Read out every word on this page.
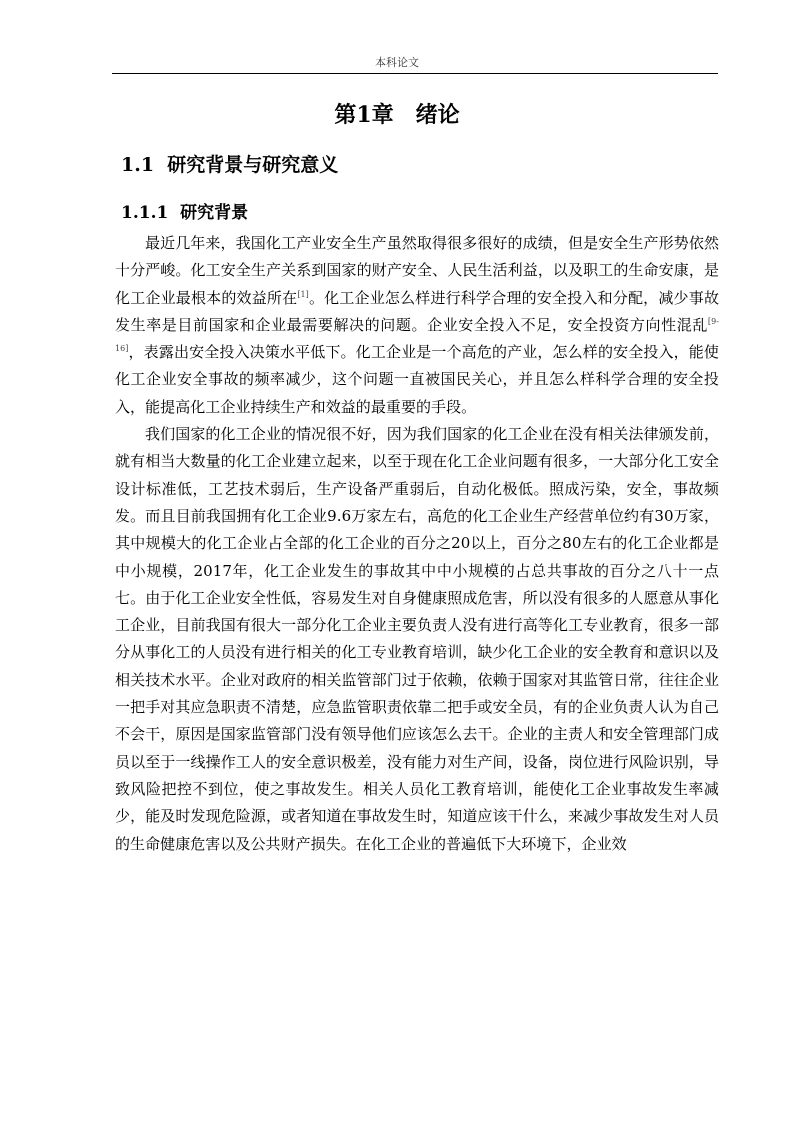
本科论文
第1章　绪论
1.1  研究背景与研究意义
1.1.1  研究背景

最近几年来，我国化工产业安全生产虽然取得很多很好的成绩，但是安全生产形势依然十分严峻。化工安全生产关系到国家的财产安全、人民生活利益，以及职工的生命安康，是化工企业最根本的效益所在[1]。化工企业怎么样进行科学合理的安全投入和分配，减少事故发生率是目前国家和企业最需要解决的问题。企业安全投入不足，安全投资方向性混乱[9-16]，表露出安全投入决策水平低下。化工企业是一个高危的产业，怎么样的安全投入，能使化工企业安全事故的频率减少，这个问题一直被国民关心，并且怎么样科学合理的安全投入，能提高化工企业持续生产和效益的最重要的手段。

我们国家的化工企业的情况很不好，因为我们国家的化工企业在没有相关法律颁发前，就有相当大数量的化工企业建立起来，以至于现在化工企业问题有很多，一大部分化工安全设计标准低，工艺技术弱后，生产设备严重弱后，自动化极低。照成污染，安全，事故频发。而且目前我国拥有化工企业9.6万家左右，高危的化工企业生产经营单位约有30万家，其中规模大的化工企业占全部的化工企业的百分之20以上，百分之80左右的化工企业都是中小规模，2017年，化工企业发生的事故其中中小规模的占总共事故的百分之八十一点七。由于化工企业安全性低，容易发生对自身健康照成危害，所以没有很多的人愿意从事化工企业，目前我国有很大一部分化工企业主要负责人没有进行高等化工专业教育，很多一部分从事化工的人员没有进行相关的化工专业教育培训，缺少化工企业的安全教育和意识以及相关技术水平。企业对政府的相关监管部门过于依赖，依赖于国家对其监管日常，往往企业一把手对其应急职责不清楚，应急监管职责依靠二把手或安全员，有的企业负责人认为自己不会干，原因是国家监管部门没有领导他们应该怎么去干。企业的主责人和安全管理部门成员以至于一线操作工人的安全意识极差，没有能力对生产间，设备，岗位进行风险识别，导致风险把控不到位，使之事故发生。相关人员化工教育培训，能使化工企业事故发生率减少，能及时发现危险源，或者知道在事故发生时，知道应该干什么，来减少事故发生对人员的生命健康危害以及公共财产损失。在化工企业的普遍低下大环境下，企业效
